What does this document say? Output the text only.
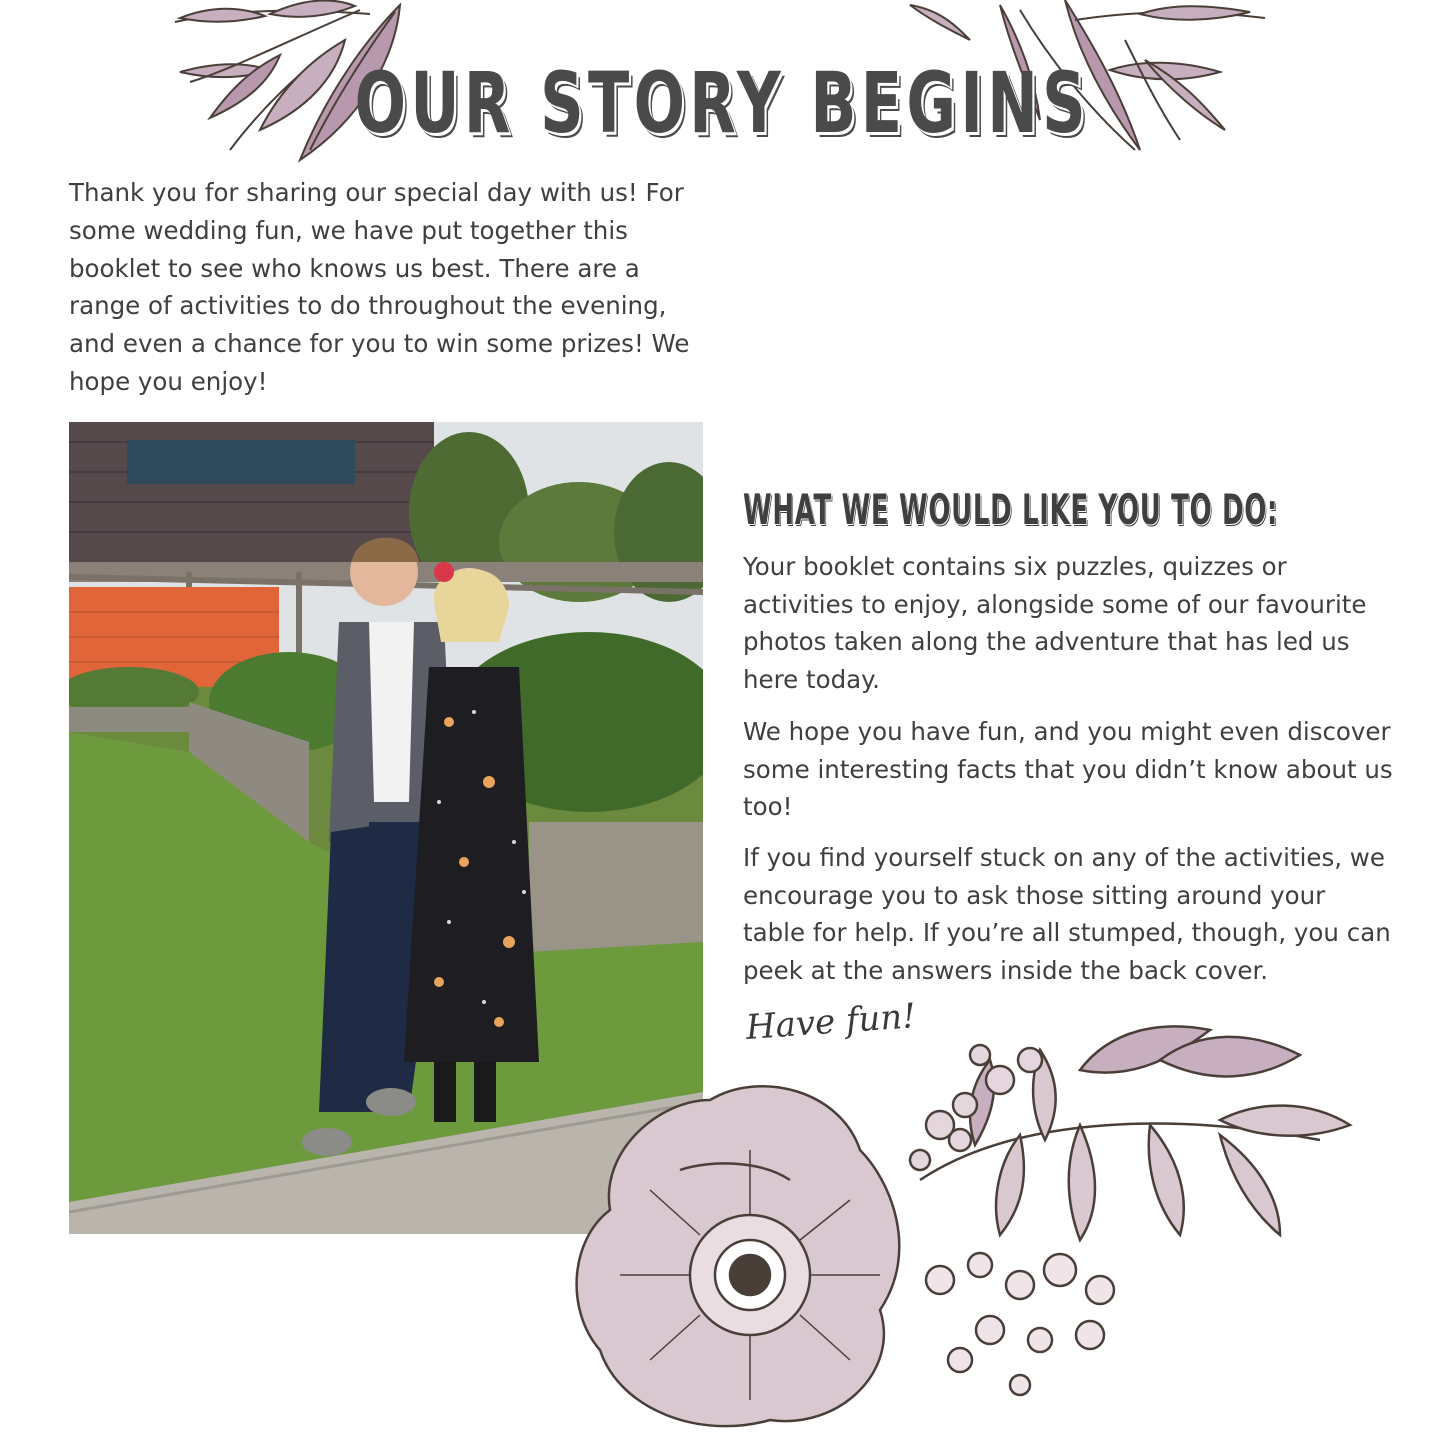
OUR STORY BEGINS

Thank you for sharing our special day with us! For some wedding fun, we have put together this booklet to see who knows us best. There are a range of activities to do throughout the evening, and even a chance for you to win some prizes! We hope you enjoy!

WHAT WE WOULD LIKE YOU TO DO:

Your booklet contains six puzzles, quizzes or activities to enjoy, alongside some of our favourite photos taken along the adventure that has led us here today.

We hope you have fun, and you might even discover some interesting facts that you didn’t know about us too!

If you find yourself stuck on any of the activities, we encourage you to ask those sitting around your table for help. If you’re all stumped, though, you can peek at the answers inside the back cover.

Have fun!
